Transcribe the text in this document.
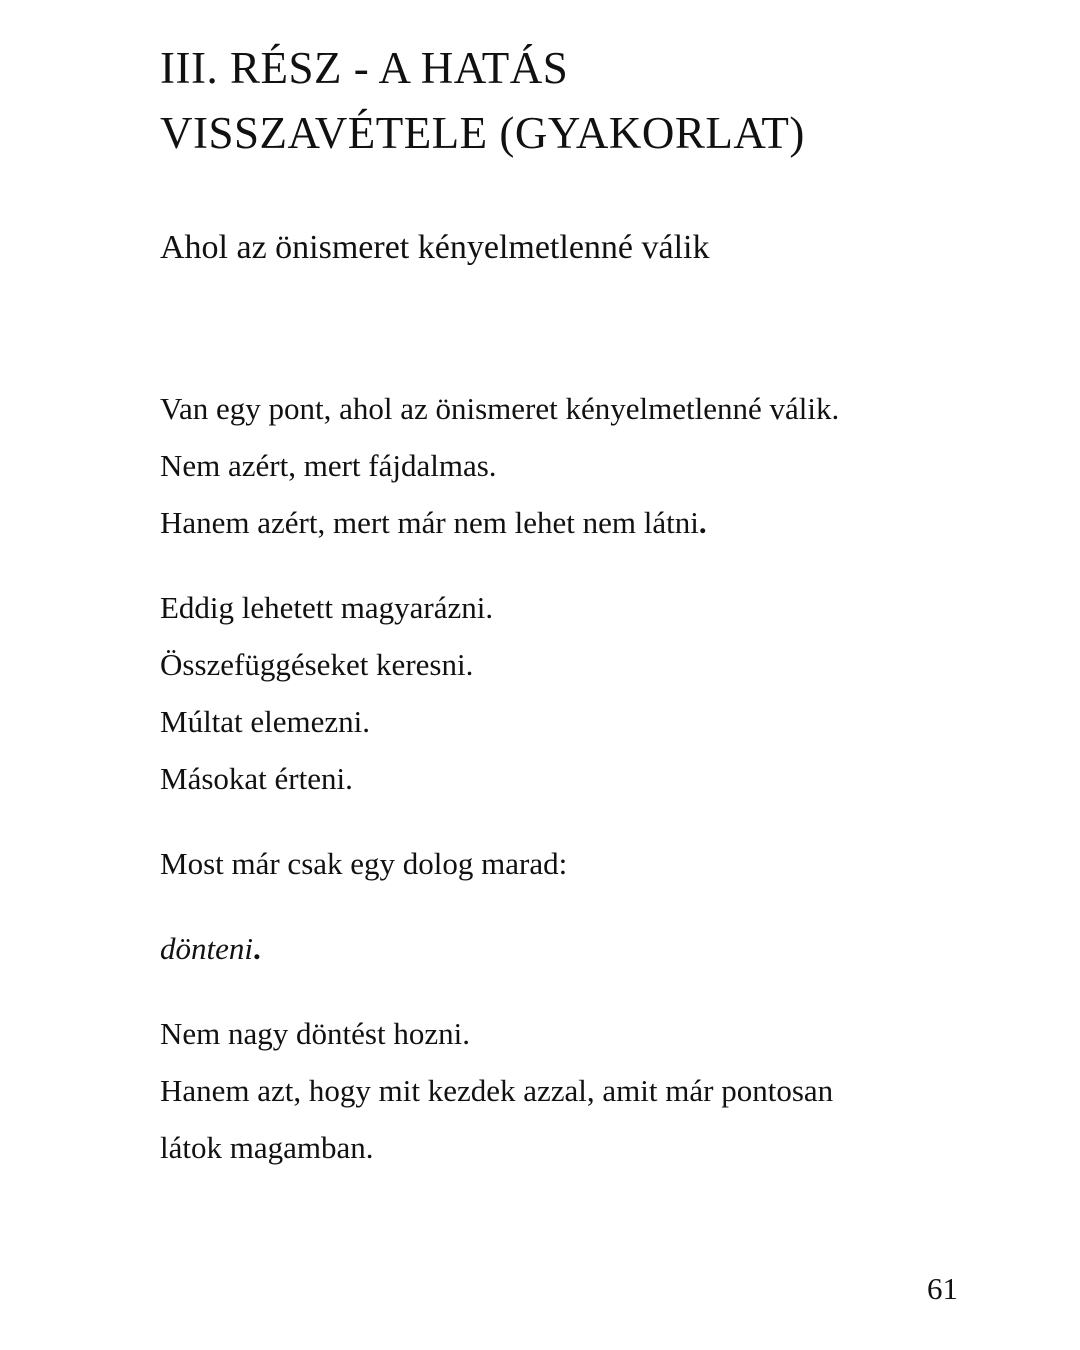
III. RÉSZ - A HATÁS
VISSZAVÉTELE (GYAKORLAT)
Ahol az önismeret kényelmetlenné válik
Van egy pont, ahol az önismeret kényelmetlenné válik.
Nem azért, mert fájdalmas.
Hanem azért, mert már nem lehet nem látni.
Eddig lehetett magyarázni.
Összefüggéseket keresni.
Múltat elemezni.
Másokat érteni.
Most már csak egy dolog marad:
dönteni.
Nem nagy döntést hozni.
Hanem azt, hogy mit kezdek azzal, amit már pontosan
látok magamban.
61
